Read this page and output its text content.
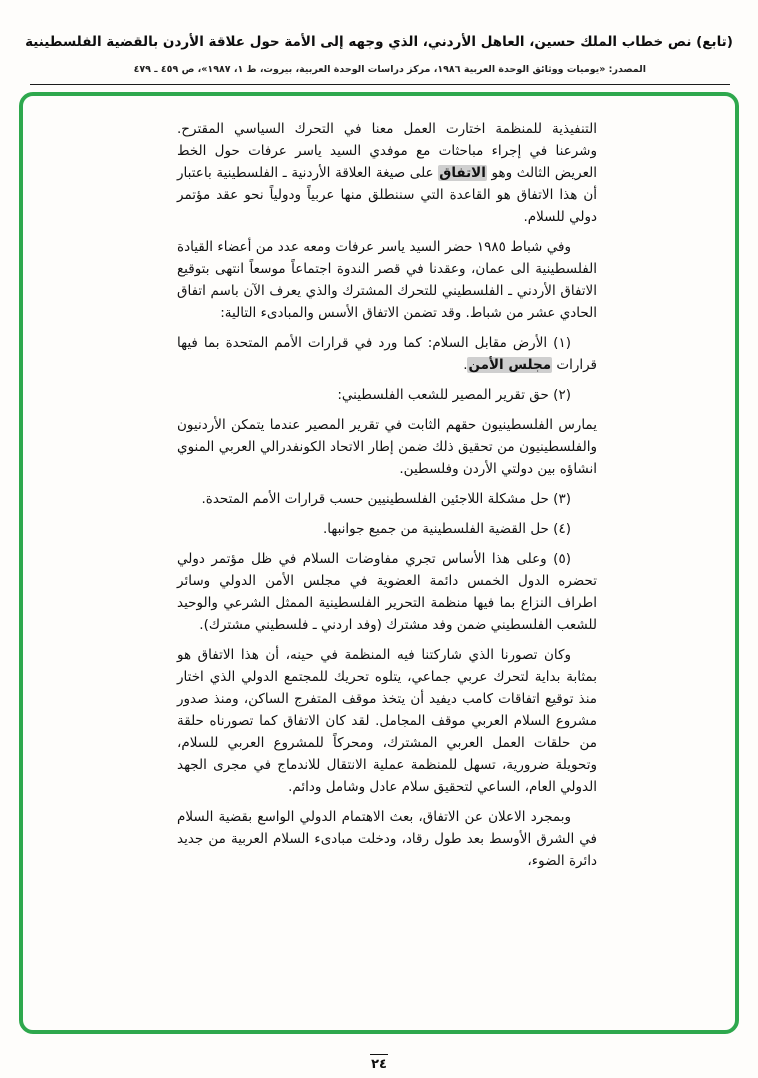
(تابع) نص خطاب الملك حسين، العاهل الأردني، الذي وجهه إلى الأمة حول علاقة الأردن بالقضية الفلسطينية
المصدر: «يوميات ووثائق الوحدة العربية ١٩٨٦، مركز دراسات الوحدة العربية، بيروت، ط ١، ١٩٨٧»، ص ٤٥٩ ـ ٤٧٩

التنفيذية للمنظمة اختارت العمل معنا في التحرك السياسي المقترح. وشرعنا في إجراء مباحثات مع موفدي السيد ياسر عرفات حول الخط العريض الثالث وهو الاتفاق على صيغة العلاقة الأردنية ـ الفلسطينية باعتبار أن هذا الاتفاق هو القاعدة التي سننطلق منها عربياً ودولياً نحو عقد مؤتمر دولي للسلام.

وفي شباط ١٩٨٥ حضر السيد ياسر عرفات ومعه عدد من أعضاء القيادة الفلسطينية الى عمان، وعقدنا في قصر الندوة اجتماعاً موسعاً انتهى بتوقيع الاتفاق الأردني ـ الفلسطيني للتحرك المشترك والذي يعرف الآن باسم اتفاق الحادي عشر من شباط. وقد تضمن الاتفاق الأسس والمبادىء التالية:

(١) الأرض مقابل السلام: كما ورد في قرارات الأمم المتحدة بما فيها قرارات مجلس الأمن.

(٢) حق تقرير المصير للشعب الفلسطيني:

يمارس الفلسطينيون حقهم الثابت في تقرير المصير عندما يتمكن الأردنيون والفلسطينيون من تحقيق ذلك ضمن إطار الاتحاد الكونفدرالي العربي المنوي انشاؤه بين دولتي الأردن وفلسطين.

(٣) حل مشكلة اللاجئين الفلسطينيين حسب قرارات الأمم المتحدة.

(٤) حل القضية الفلسطينية من جميع جوانبها.

(٥) وعلى هذا الأساس تجري مفاوضات السلام في ظل مؤتمر دولي تحضره الدول الخمس دائمة العضوية في مجلس الأمن الدولي وسائر اطراف النزاع بما فيها منظمة التحرير الفلسطينية الممثل الشرعي والوحيد للشعب الفلسطيني ضمن وفد مشترك (وفد اردني ـ فلسطيني مشترك).

وكان تصورنا الذي شاركتنا فيه المنظمة في حينه، أن هذا الاتفاق هو بمثابة بداية لتحرك عربي جماعي، يتلوه تحريك للمجتمع الدولي الذي اختار منذ توقيع اتفاقات كامب ديفيد أن يتخذ موقف المتفرج الساكن، ومنذ صدور مشروع السلام العربي موقف المجامل. لقد كان الاتفاق كما تصورناه حلقة من حلقات العمل العربي المشترك، ومحركاً للمشروع العربي للسلام، وتحويلة ضرورية، تسهل للمنظمة عملية الانتقال للاندماج في مجرى الجهد الدولي العام، الساعي لتحقيق سلام عادل وشامل ودائم.

وبمجرد الاعلان عن الاتفاق، بعث الاهتمام الدولي الواسع بقضية السلام في الشرق الأوسط بعد طول رقاد، ودخلت مبادىء السلام العربية من جديد دائرة الضوء،

٢٤
